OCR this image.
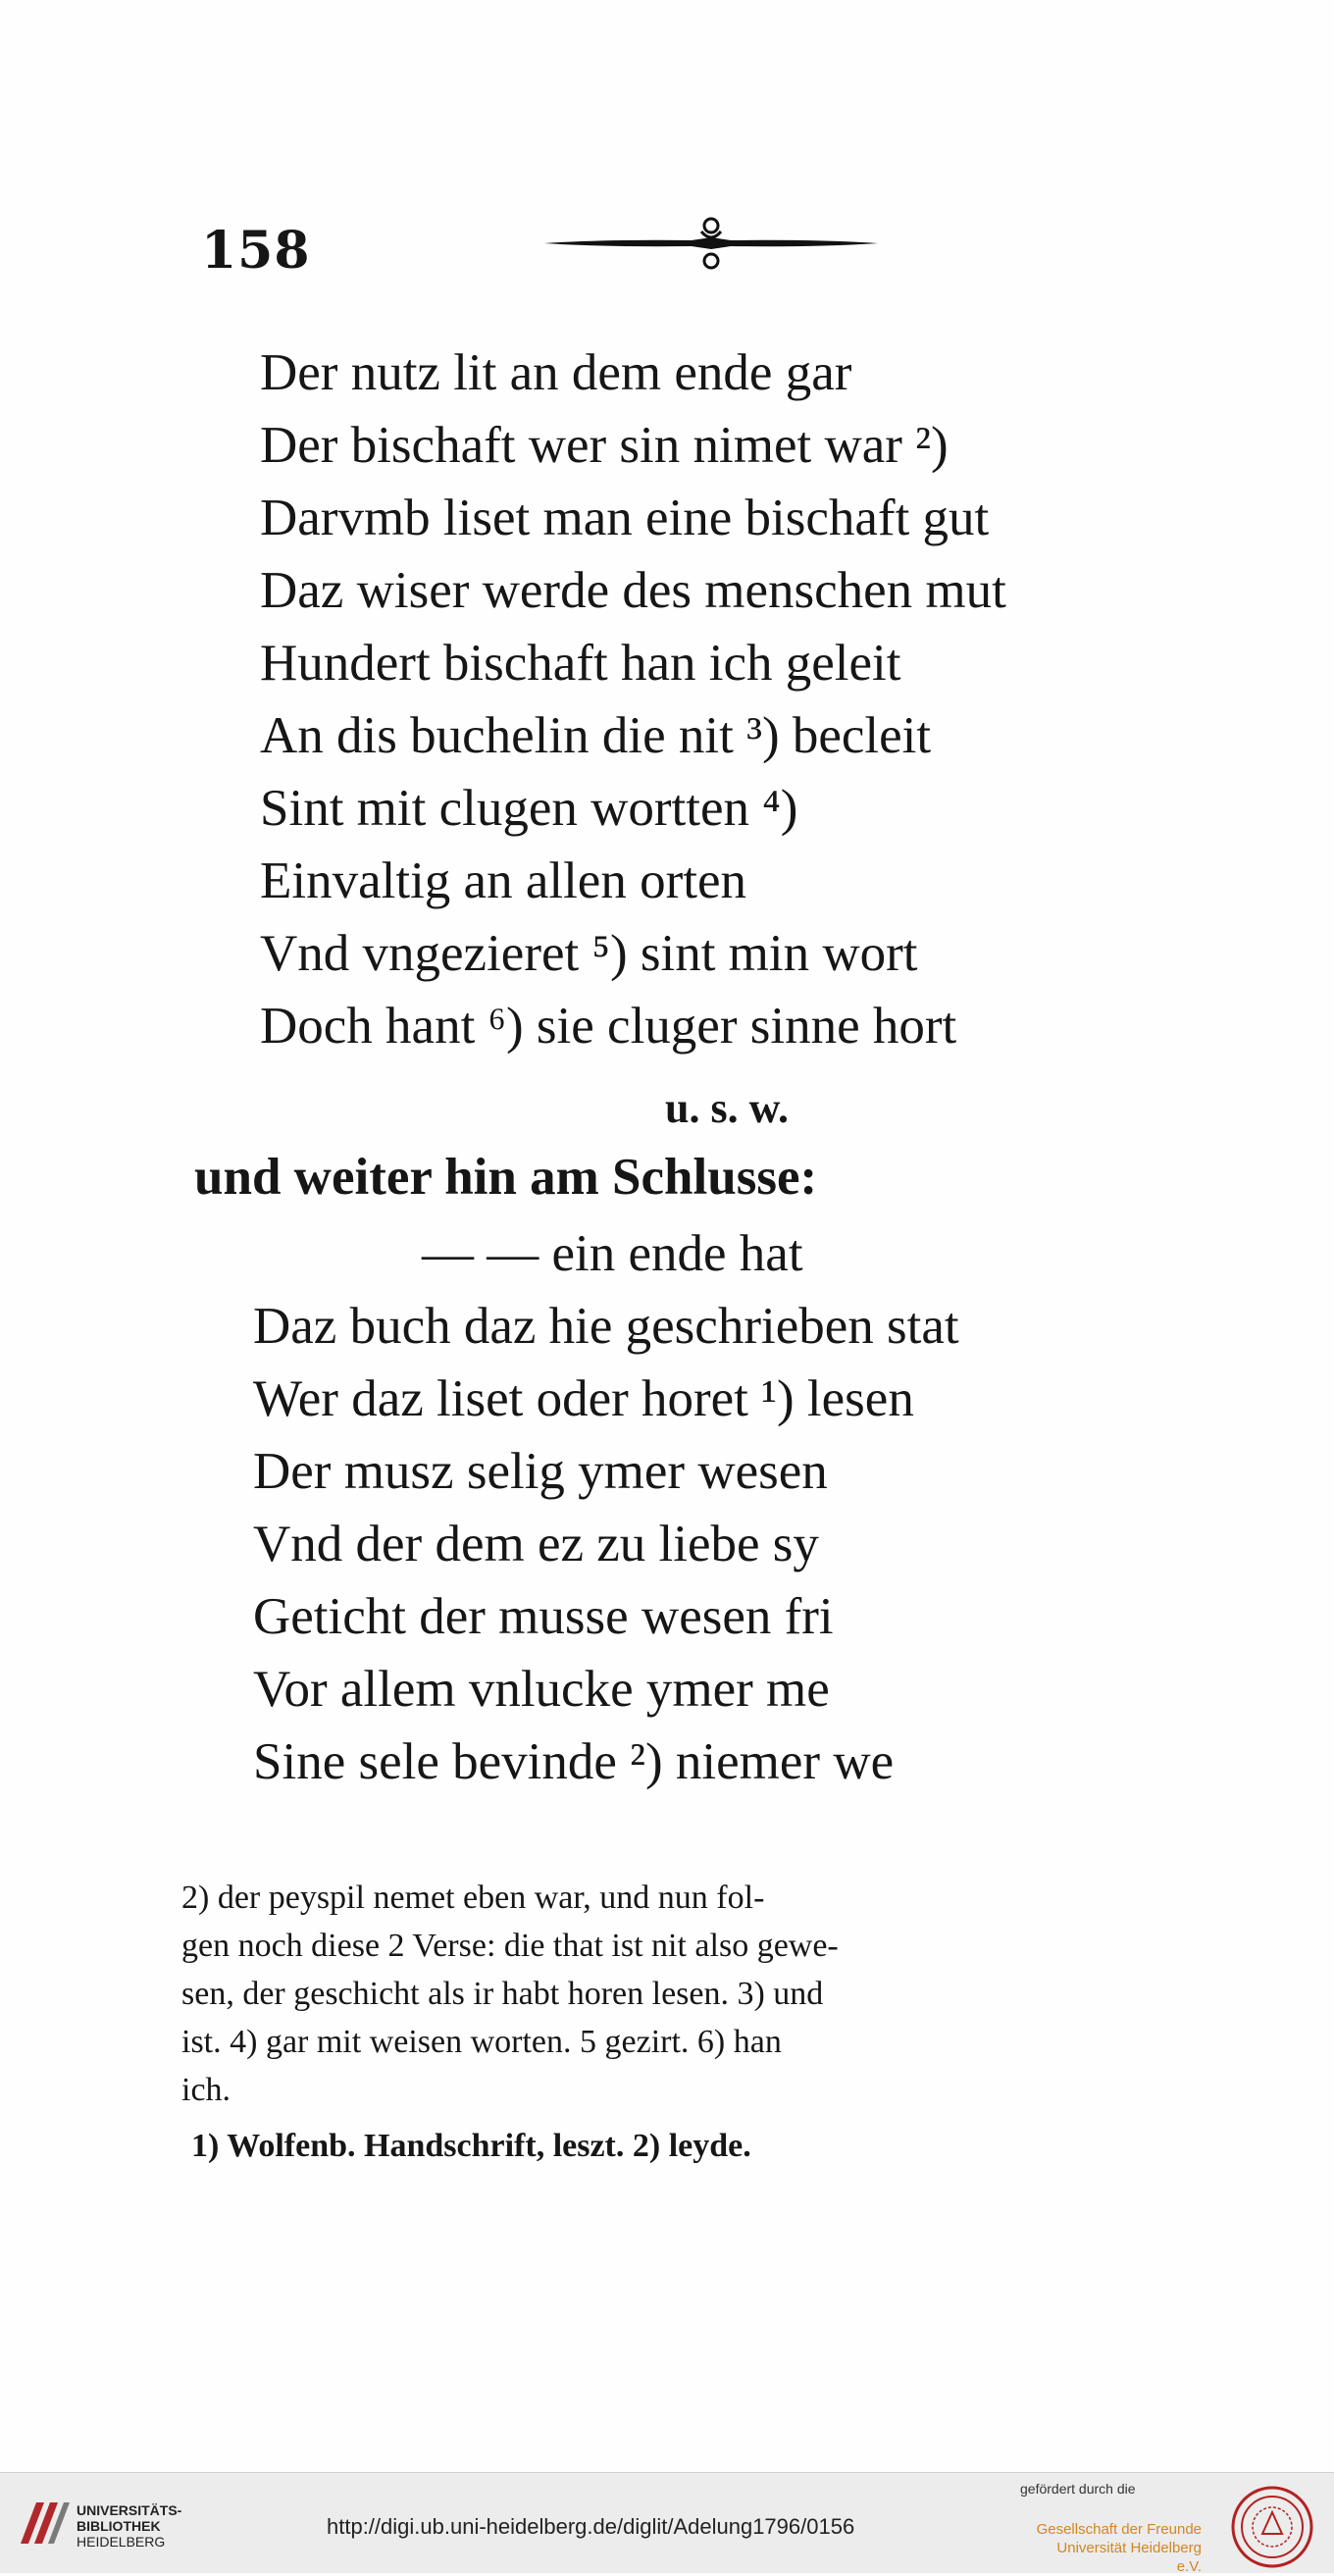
158
Der nutz lit an dem ende gar
Der bischaft wer sin nimet war ²)
Darvmb liset man eine bischaft gut
Daz wiser werde des menschen mut
Hundert bischaft han ich geleit
An dis buchelin die nit ³) becleit
Sint mit clugen wortten ⁴)
Einvaltig an allen orten
Vnd vngezieret ⁵) sint min wort
Doch hant ⁶) sie cluger sinne hort
u. s. w.
und weiter hin am Schlusse:
— — ein ende hat
Daz buch daz hie geschrieben stat
Wer daz liset oder horet ¹) lesen
Der musz selig ymer wesen
Vnd der dem ez zu liebe sy
Geticht der musse wesen fri
Vor allem vnlucke ymer me
Sine sele bevinde ²) niemer we
2) der peyspil nemet eben war, und nun fol-
gen noch diese 2 Verse: die that ist nit also gewe-
sen, der geschicht als ir habt horen lesen. 3) und
ist. 4) gar mit weisen worten. 5 gezirt. 6) han
ich.
1) Wolfenb. Handschrift, leszt. 2) leyde.
UNIVERSITÄTS-
BIBLIOTHEK
HEIDELBERG
http://digi.ub.uni-heidelberg.de/diglit/Adelung1796/0156
gefördert durch die
Gesellschaft der Freunde
Universität Heidelberg e.V.
